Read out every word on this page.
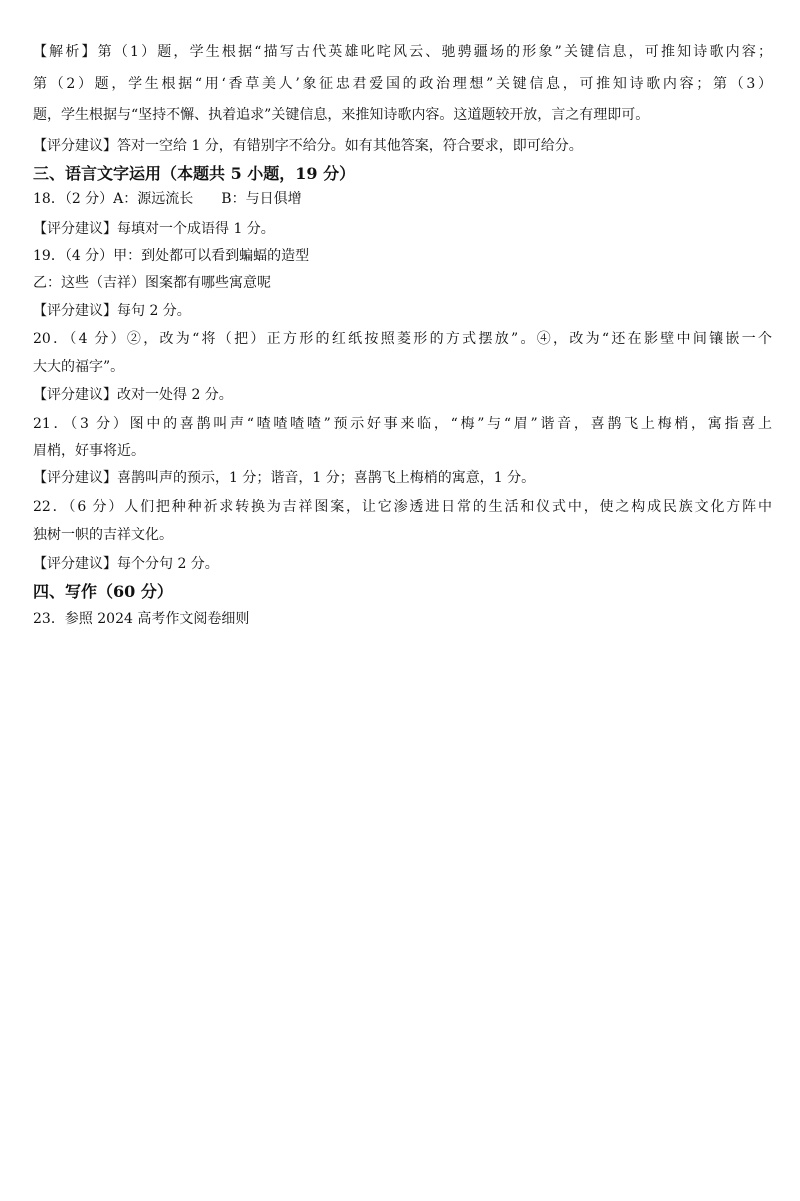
【解析】第（1）题，学生根据“描写古代英雄叱咤风云、驰骋疆场的形象”关键信息，可推知诗歌内容；
第（2）题，学生根据“用‘香草美人’象征忠君爱国的政治理想”关键信息，可推知诗歌内容；第（3）
题，学生根据与“坚持不懈、执着追求”关键信息，来推知诗歌内容。这道题较开放，言之有理即可。
【评分建议】答对一空给 1 分，有错别字不给分。如有其他答案，符合要求，即可给分。
三、语言文字运用（本题共 5 小题，19 分）
18．（2 分）A：源远流长 B：与日俱增
【评分建议】每填对一个成语得 1 分。
19．（4 分）甲：到处都可以看到蝙蝠的造型
乙：这些（吉祥）图案都有哪些寓意呢
【评分建议】每句 2 分。
20．（4 分）②，改为“将（把）正方形的红纸按照菱形的方式摆放”。④，改为“还在影壁中间镶嵌一个
大大的福字”。
【评分建议】改对一处得 2 分。
21．（3 分）图中的喜鹊叫声“喳喳喳喳”预示好事来临，“梅”与“眉”谐音，喜鹊飞上梅梢，寓指喜上
眉梢，好事将近。
【评分建议】喜鹊叫声的预示，1 分；谐音，1 分；喜鹊飞上梅梢的寓意，1 分。
22．（6 分）人们把种种祈求转换为吉祥图案，让它渗透进日常的生活和仪式中，使之构成民族文化方阵中
独树一帜的吉祥文化。
【评分建议】每个分句 2 分。
四、写作（60 分）
23．参照 2024 高考作文阅卷细则
